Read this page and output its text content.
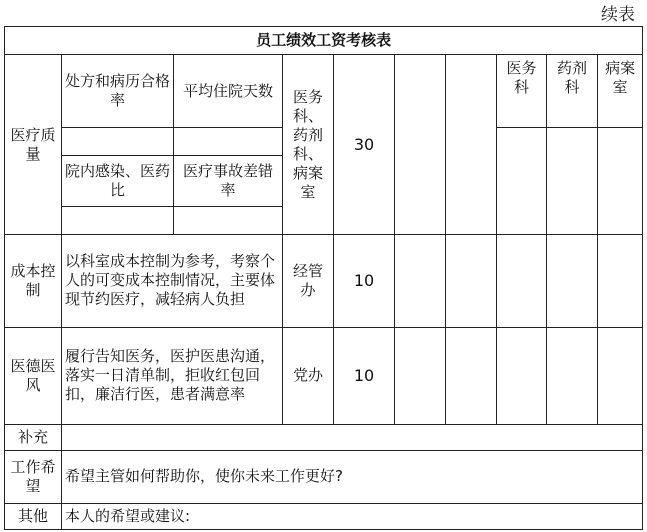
续表
员工绩效工资考核表									
医疗质量	处方和病历合格率	平均住院天数	医务科、药剂科、病案室	30			医务科	药剂科	病案室

	院内感染、医药比	医疗事故差错率							

成本控制	以科室成本控制为参考，考察个人的可变成本控制情况，主要体现节约医疗，减轻病人负担		经管办	10					
医德医风	履行告知医务，医护医患沟通，落实一日清单制，拒收红包回扣，廉洁行医，患者满意率		党办	10					
补充									
工作希望	希望主管如何帮助你，使你未来工作更好?								
其他	本人的希望或建议:								
